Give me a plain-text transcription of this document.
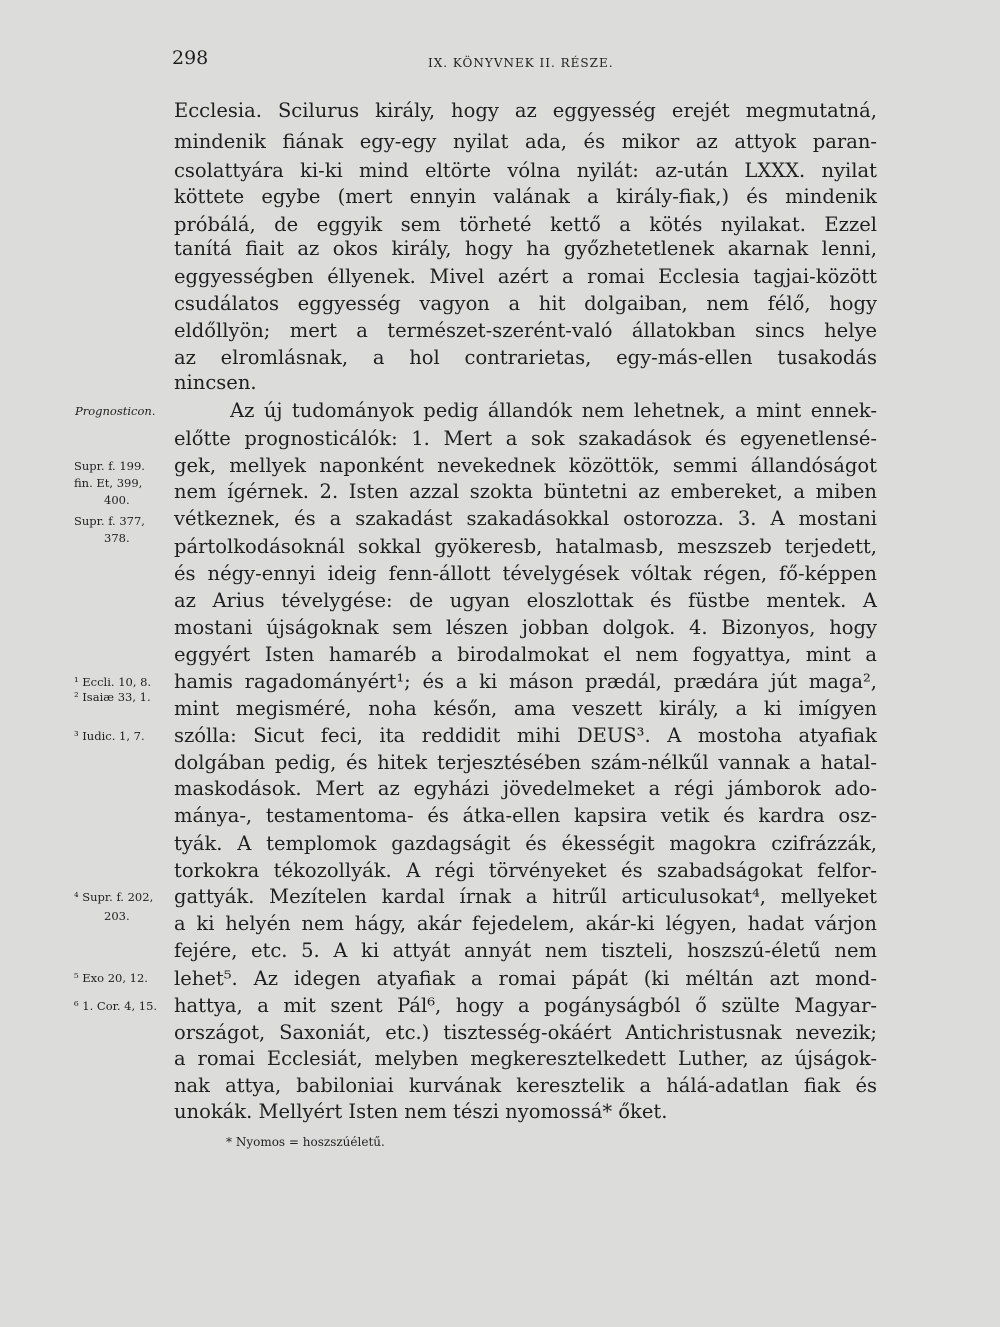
298	IX. KÖNYVNEK II. RÉSZE.
Ecclesia. Scilurus király, hogy az eggyesség erejét megmutatná,
mindenik fiának egy-egy nyilat ada, és mikor az attyok paran-
csolattyára ki-ki mind eltörte vólna nyilát: az-után LXXX. nyilat
köttete egybe (mert ennyin valának a király-fiak,) és mindenik
próbálá, de eggyik sem törheté kettő a kötés nyilakat. Ezzel
tanítá fiait az okos király, hogy ha győzhetetlenek akarnak lenni,
eggyességben éllyenek. Mivel azért a romai Ecclesia tagjai-között
csudálatos eggyesség vagyon a hit dolgaiban, nem félő, hogy
eldőllyön; mert a természet-szerént-való állatokban sincs helye
az elromlásnak, a hol contrarietas, egy-más-ellen tusakodás
nincsen.
Az új tudományok pedig állandók nem lehetnek, a mint ennek-
előtte prognosticálók: 1. Mert a sok szakadások és egyenetlensé-
gek, mellyek naponként nevekednek közöttök, semmi állandóságot
nem ígérnek. 2. Isten azzal szokta büntetni az embereket, a miben
vétkeznek, és a szakadást szakadásokkal ostorozza. 3. A mostani
pártolkodásoknál sokkal gyökeresb, hatalmasb, meszszeb terjedett,
és négy-ennyi ideig fenn-állott tévelygések vóltak régen, fő-képpen
az Arius tévelygése: de ugyan eloszlottak és füstbe mentek. A
mostani újságoknak sem lészen jobban dolgok. 4. Bizonyos, hogy
eggyért Isten hamaréb a birodalmokat el nem fogyattya, mint a
hamis ragadományért¹; és a ki máson prædál, prædára jút maga²,
mint megisméré, noha későn, ama veszett király, a ki imígyen
szólla: Sicut feci, ita reddidit mihi DEUS³. A mostoha atyafiak
dolgában pedig, és hitek terjesztésében szám-nélkűl vannak a hatal-
maskodások. Mert az egyházi jövedelmeket a régi jámborok ado-
mánya-, testamentoma- és átka-ellen kapsira vetik és kardra osz-
tyák. A templomok gazdagságit és ékességit magokra czifrázzák,
torkokra tékozollyák. A régi törvényeket és szabadságokat felfor-
gattyák. Mezítelen kardal írnak a hitrűl articulusokat⁴, mellyeket
a ki helyén nem hágy, akár fejedelem, akár-ki légyen, hadat várjon
fejére, etc. 5. A ki attyát annyát nem tiszteli, hoszszú-életű nem
lehet⁵. Az idegen atyafiak a romai pápát (ki méltán azt mond-
hattya, a mit szent Pál⁶, hogy a pogányságból ő szülte Magyar-
országot, Saxoniát, etc.) tisztesség-okáért Antichristusnak nevezik;
a romai Ecclesiát, melyben megkeresztelkedett Luther, az újságok-
nak attya, babiloniai kurvának keresztelik a hálá-adatlan fiak és
unokák. Mellyért Isten nem tészi nyomossá* őket.
Prognosticon.
Supr. f. 199.
fin. Et, 399,
400.
Supr. f. 377,
378.
¹ Eccli. 10, 8.
² Isaiæ 33, 1.
³ Iudic. 1, 7.
⁴ Supr. f. 202,
203.
⁵ Exo 20, 12.
⁶ 1. Cor. 4, 15.
* Nyomos = hoszszúéletű.
